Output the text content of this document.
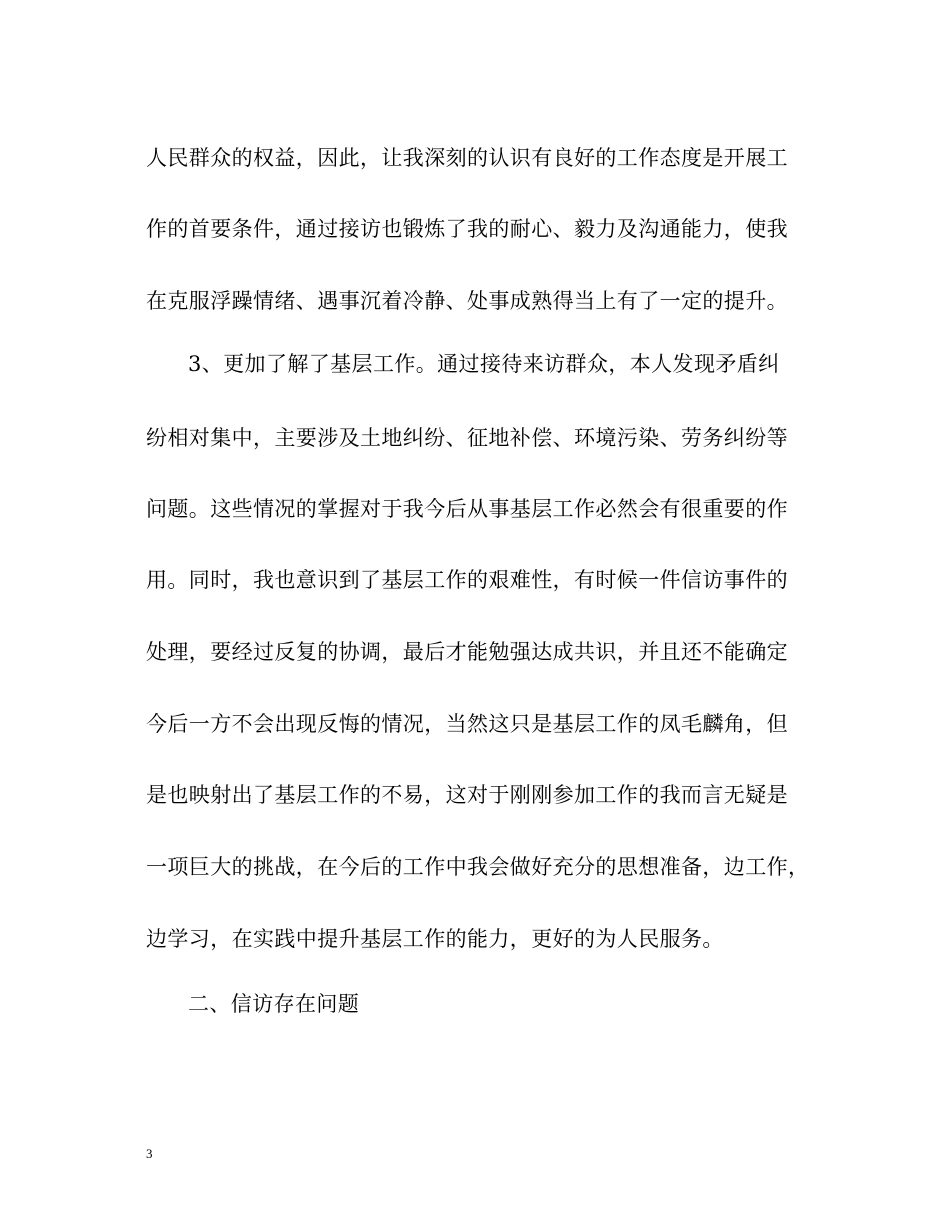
人民群众的权益，因此，让我深刻的认识有良好的工作态度是开展工
作的首要条件，通过接访也锻炼了我的耐心、毅力及沟通能力，使我
在克服浮躁情绪、遇事沉着冷静、处事成熟得当上有了一定的提升。
3、更加了解了基层工作。通过接待来访群众，本人发现矛盾纠
纷相对集中，主要涉及土地纠纷、征地补偿、环境污染、劳务纠纷等
问题。这些情况的掌握对于我今后从事基层工作必然会有很重要的作
用。同时，我也意识到了基层工作的艰难性，有时候一件信访事件的
处理，要经过反复的协调，最后才能勉强达成共识，并且还不能确定
今后一方不会出现反悔的情况，当然这只是基层工作的凤毛麟角，但
是也映射出了基层工作的不易，这对于刚刚参加工作的我而言无疑是
一项巨大的挑战，在今后的工作中我会做好充分的思想准备，边工作，
边学习，在实践中提升基层工作的能力，更好的为人民服务。
二、信访存在问题
3
